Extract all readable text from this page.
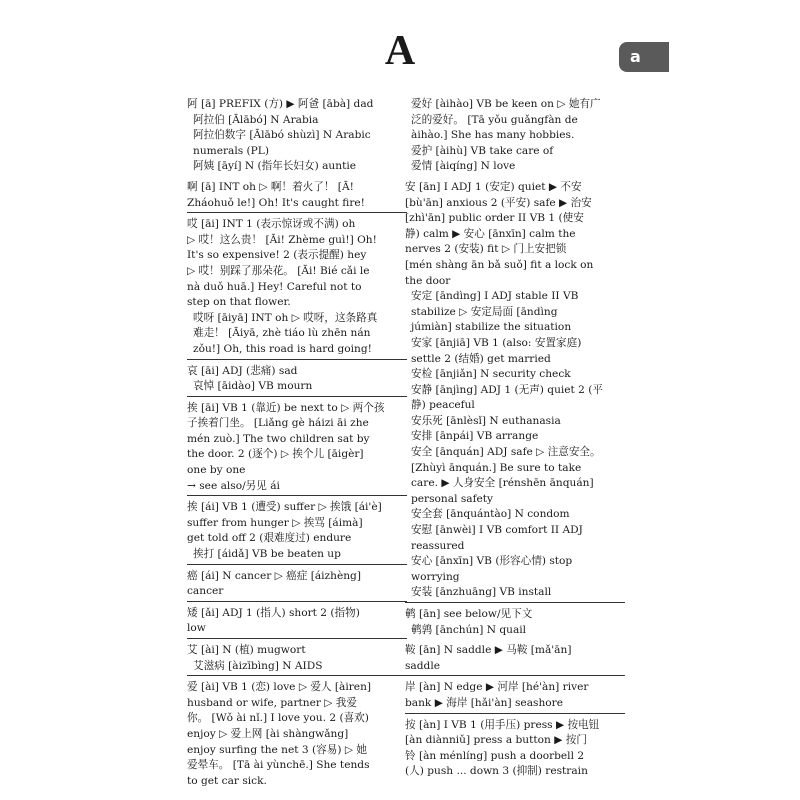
A	a
阿 [ā] PREFIX (方) ▶ 阿爸 [ābà] dad
阿拉伯 [Ālābó] N Arabia
阿拉伯数字 [Ālābó shùzì] N Arabic
numerals (PL)
阿姨 [āyí] N (指年长妇女) auntie
啊 [ā] INT oh ▷ 啊！着火了！ [Ā!
Zháohuǒ le!] Oh! It's caught fire!
哎 [āi] INT 1 (表示惊讶或不满) oh
▷ 哎！这么贵！ [Āi! Zhème guì!] Oh!
It's so expensive! 2 (表示提醒) hey
▷ 哎！别踩了那朵花。 [Āi! Bié cǎi le
nà duǒ huā.] Hey! Careful not to
step on that flower.
哎呀 [āiyā] INT oh ▷ 哎呀，这条路真
难走！ [Āiyā, zhè tiáo lù zhēn nán
zǒu!] Oh, this road is hard going!
哀 [āi] ADJ (悲痛) sad
哀悼 [āidào] VB mourn
挨 [āi] VB 1 (靠近) be next to ▷ 两个孩
子挨着门坐。 [Liǎng gè háizi āi zhe
mén zuò.] The two children sat by
the door. 2 (逐个) ▷ 挨个儿 [āigèr]
one by one
→ see also/另见 ái
挨 [ái] VB 1 (遭受) suffer ▷ 挨饿 [ái'è]
suffer from hunger ▷ 挨骂 [áimà]
get told off 2 (艰难度过) endure
挨打 [áidǎ] VB be beaten up
癌 [ái] N cancer ▷ 癌症 [áizhèng]
cancer
矮 [ǎi] ADJ 1 (指人) short 2 (指物)
low
艾 [ài] N (植) mugwort
艾滋病 [àizībìng] N AIDS
爱 [ài] VB 1 (恋) love ▷ 爱人 [àiren]
husband or wife, partner ▷ 我爱
你。 [Wǒ ài nǐ.] I love you. 2 (喜欢)
enjoy ▷ 爱上网 [ài shàngwǎng]
enjoy surfing the net 3 (容易) ▷ 她
爱晕车。 [Tā ài yùnchē.] She tends
to get car sick.
爱好 [àihào] VB be keen on ▷ 她有广
泛的爱好。 [Tā yǒu guǎngfàn de
àihào.] She has many hobbies.
爱护 [àihù] VB take care of
爱情 [àiqíng] N love
安 [ān] I ADJ 1 (安定) quiet ▶ 不安
[bù'ān] anxious 2 (平安) safe ▶ 治安
[zhì'ān] public order II VB 1 (使安
静) calm ▶ 安心 [ānxīn] calm the
nerves 2 (安装) fit ▷ 门上安把锁
[mén shàng ān bǎ suǒ] fit a lock on
the door
安定 [āndìng] I ADJ stable II VB
stabilize ▷ 安定局面 [āndìng
júmiàn] stabilize the situation
安家 [ānjiā] VB 1 (also: 安置家庭)
settle 2 (结婚) get married
安检 [ānjiǎn] N security check
安静 [ānjìng] ADJ 1 (无声) quiet 2 (平
静) peaceful
安乐死 [ānlèsǐ] N euthanasia
安排 [ānpái] VB arrange
安全 [ānquán] ADJ safe ▷ 注意安全。
[Zhùyì ānquán.] Be sure to take
care. ▶ 人身安全 [rénshēn ānquán]
personal safety
安全套 [ānquántào] N condom
安慰 [ānwèi] I VB comfort II ADJ
reassured
安心 [ānxīn] VB (形容心情) stop
worrying
安装 [ānzhuāng] VB install
鹌 [ān] see below/见下文
鹌鹑 [ānchún] N quail
鞍 [ān] N saddle ▶ 马鞍 [mǎ'ān]
saddle
岸 [àn] N edge ▶ 河岸 [hé'àn] river
bank ▶ 海岸 [hǎi'àn] seashore
按 [àn] I VB 1 (用手压) press ▶ 按电钮
[àn diànniǔ] press a button ▶ 按门
铃 [àn ménlíng] push a doorbell 2
(人) push ... down 3 (抑制) restrain
